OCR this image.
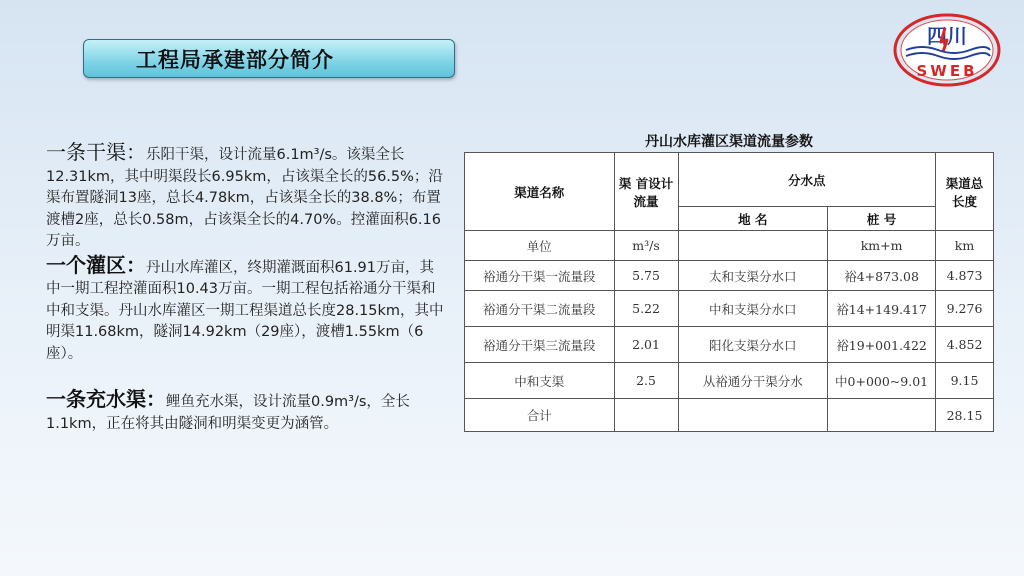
工程局承建部分简介
四川
SWEB

一条干渠：乐阳干渠，设计流量6.1m³/s。该渠全长12.31km，其中明渠段长6.95km，占该渠全长的56.5%；沿渠布置隧洞13座，总长4.78km，占该渠全长的38.8%；布置渡槽2座，总长0.58m，占该渠全长的4.70%。控灌面积6.16万亩。

一个灌区：丹山水库灌区，终期灌溉面积61.91万亩，其中一期工程控灌面积10.43万亩。一期工程包括裕通分干渠和中和支渠。丹山水库灌区一期工程渠道总长度28.15km，其中明渠11.68km，隧洞14.92km（29座），渡槽1.55km（6座）。

一条充水渠：鲤鱼充水渠，设计流量0.9m³/s，全长1.1km，正在将其由隧洞和明渠变更为涵管。

丹山水库灌区渠道流量参数
渠道名称	渠 首设计流量	分水点		渠道总长度
		地 名	桩 号	
单位	m³/s		km+m	km
裕通分干渠一流量段	5.75	太和支渠分水口	裕4+873.08	4.873
裕通分干渠二流量段	5.22	中和支渠分水口	裕14+149.417	9.276
裕通分干渠三流量段	2.01	阳化支渠分水口	裕19+001.422	4.852
中和支渠	2.5	从裕通分干渠分水	中0+000~9.01	9.15
合计				28.15
